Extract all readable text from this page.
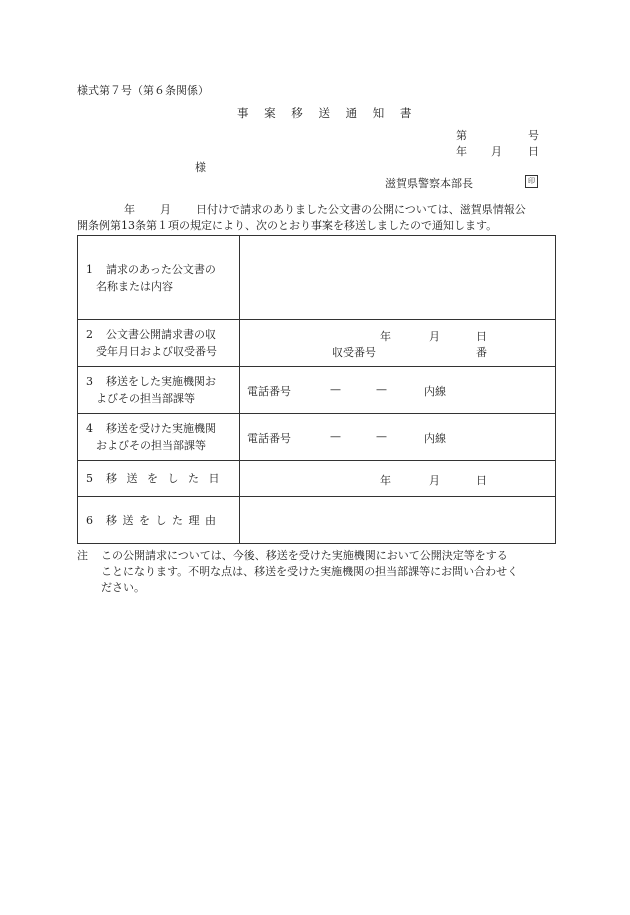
様式第７号（第６条関係）
事 案 移 送 通 知 書
第	号
年 月 日
様
滋賀県警察本部長	印
年 月 日付けで請求のありました公文書の公開については、滋賀県情報公
開条例第13条第１項の規定により、次のとおり事案を移送しましたので通知します。
1 請求のあった公文書の
名称または内容	

2 公文書公開請求書の収
受年月日および収受番号	年 月 日
収受番号 番

3 移送をした実施機関お
よびその担当部課等	電話番号 — — 内線

4 移送を受けた実施機関
およびその担当部課等	電話番号 — — 内線

5 移 送 を し た 日	年 月 日

6 移 送 を し た 理 由	

注 この公開請求については、今後、移送を受けた実施機関において公開決定等をする
ことになります。不明な点は、移送を受けた実施機関の担当部課等にお問い合わせく
ださい。
